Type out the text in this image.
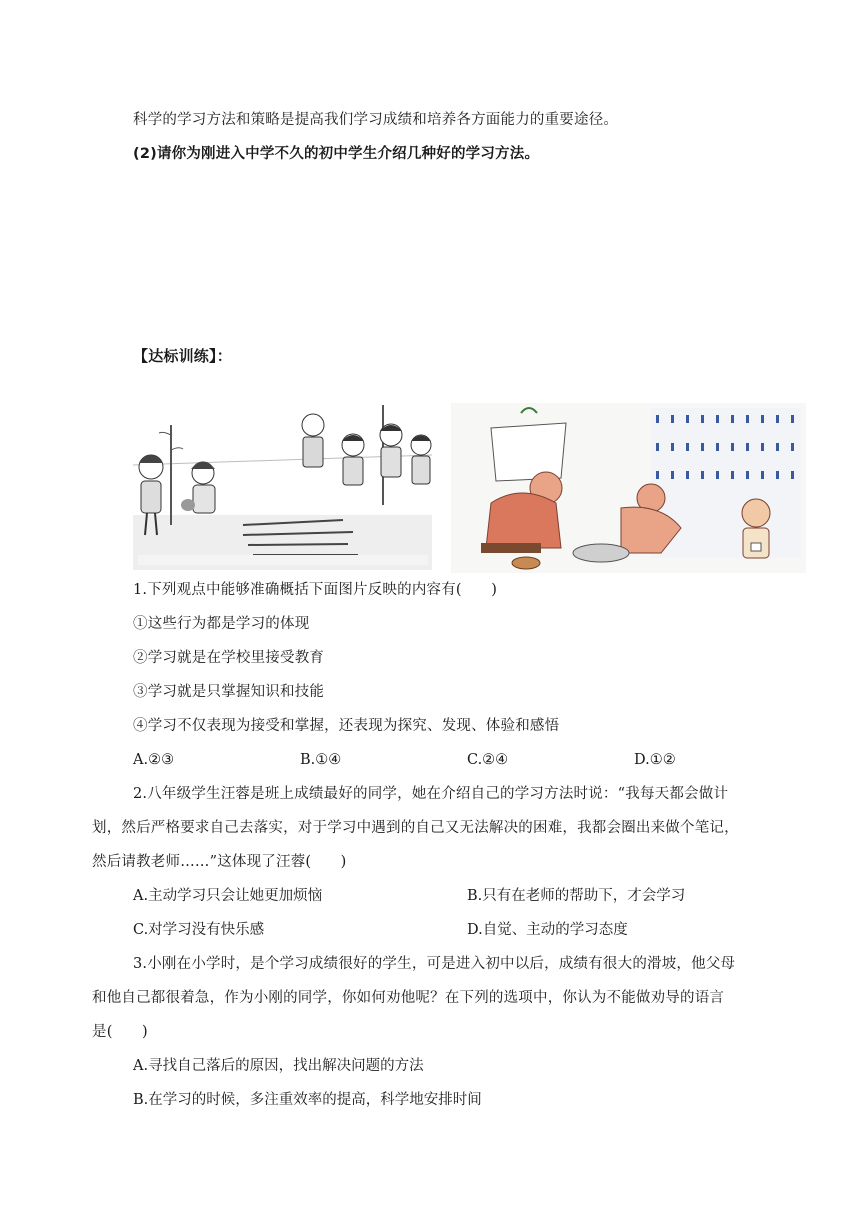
科学的学习方法和策略是提高我们学习成绩和培养各方面能力的重要途径。
(2)请你为刚进入中学不久的初中学生介绍几种好的学习方法。
【达标训练】：
1.下列观点中能够准确概括下面图片反映的内容有(　　)
①这些行为都是学习的体现
②学习就是在学校里接受教育
③学习就是只掌握知识和技能
④学习不仅表现为接受和掌握，还表现为探究、发现、体验和感悟
A.②③	B.①④	C.②④	D.①②
2.八年级学生汪蓉是班上成绩最好的同学，她在介绍自己的学习方法时说：“我每天都会做计
划，然后严格要求自己去落实，对于学习中遇到的自己又无法解决的困难，我都会圈出来做个笔记，
然后请教老师……”这体现了汪蓉(　　)
A.主动学习只会让她更加烦恼	B.只有在老师的帮助下，才会学习
C.对学习没有快乐感	D.自觉、主动的学习态度
3.小刚在小学时，是个学习成绩很好的学生，可是进入初中以后，成绩有很大的滑坡，他父母
和他自己都很着急，作为小刚的同学，你如何劝他呢？在下列的选项中，你认为不能做劝导的语言
是(　　)
A.寻找自己落后的原因，找出解决问题的方法
B.在学习的时候，多注重效率的提高，科学地安排时间
